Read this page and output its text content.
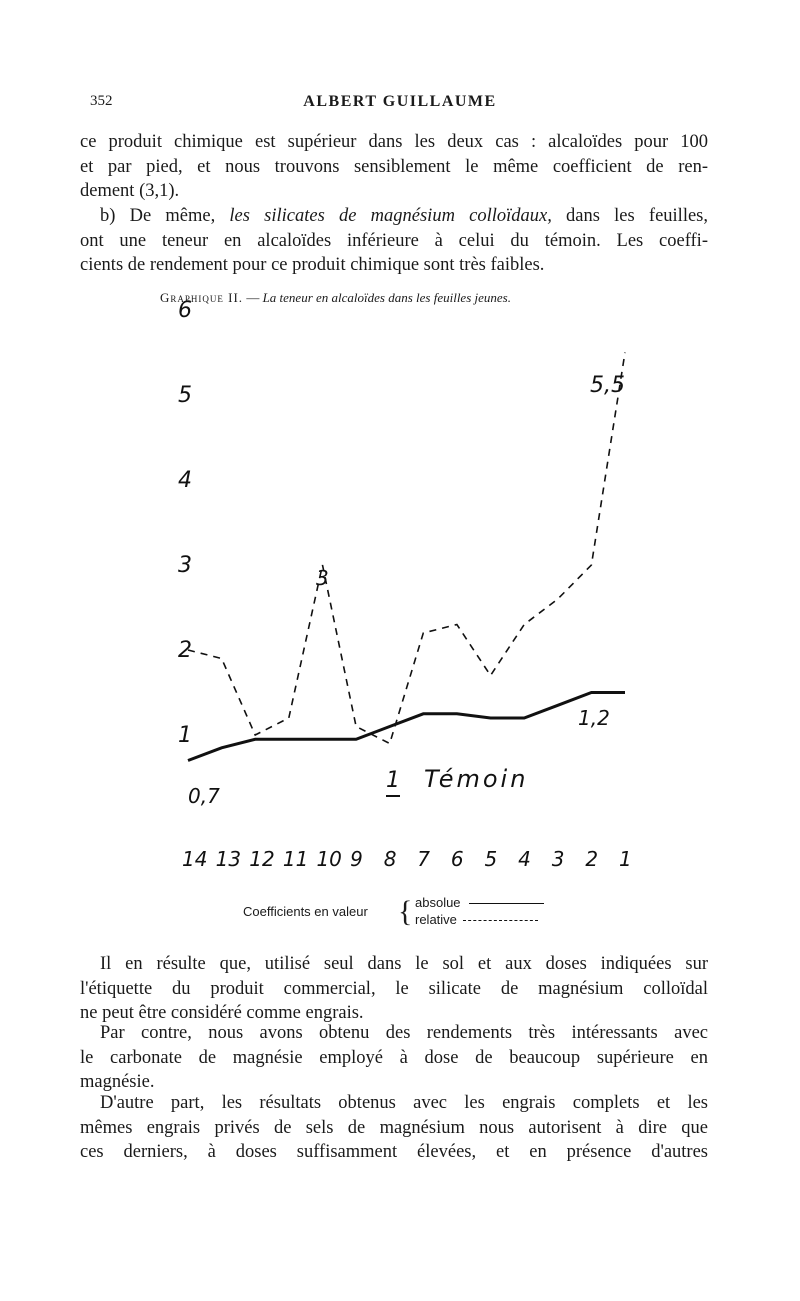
352	ALBERT GUILLAUME

ce produit chimique est supérieur dans les deux cas : alcaloïdes pour 100
et par pied, et nous trouvons sensiblement le même coefficient de ren-
dement (3,1).

b) De même, les silicates de magnésium colloïdaux, dans les feuilles,
ont une teneur en alcaloïdes inférieure à celui du témoin. Les coeffi-
cients de rendement pour ce produit chimique sont très faibles.

Graphique II. — La teneur en alcaloïdes dans les feuilles jeunes.
1
2
3
4
5
6
14 13 12 11 10 9 8 7 6 5 4 3 2 1
0,7
1,2
3
5,5
1 Témoin
Coefficients en valeur { absolue
relative

Il en résulte que, utilisé seul dans le sol et aux doses indiquées sur
l'étiquette du produit commercial, le silicate de magnésium colloïdal
ne peut être considéré comme engrais.

Par contre, nous avons obtenu des rendements très intéressants avec
le carbonate de magnésie employé à dose de beaucoup supérieure en
magnésie.

D'autre part, les résultats obtenus avec les engrais complets et les
mêmes engrais privés de sels de magnésium nous autorisent à dire que
ces derniers, à doses suffisamment élevées, et en présence d'autres
